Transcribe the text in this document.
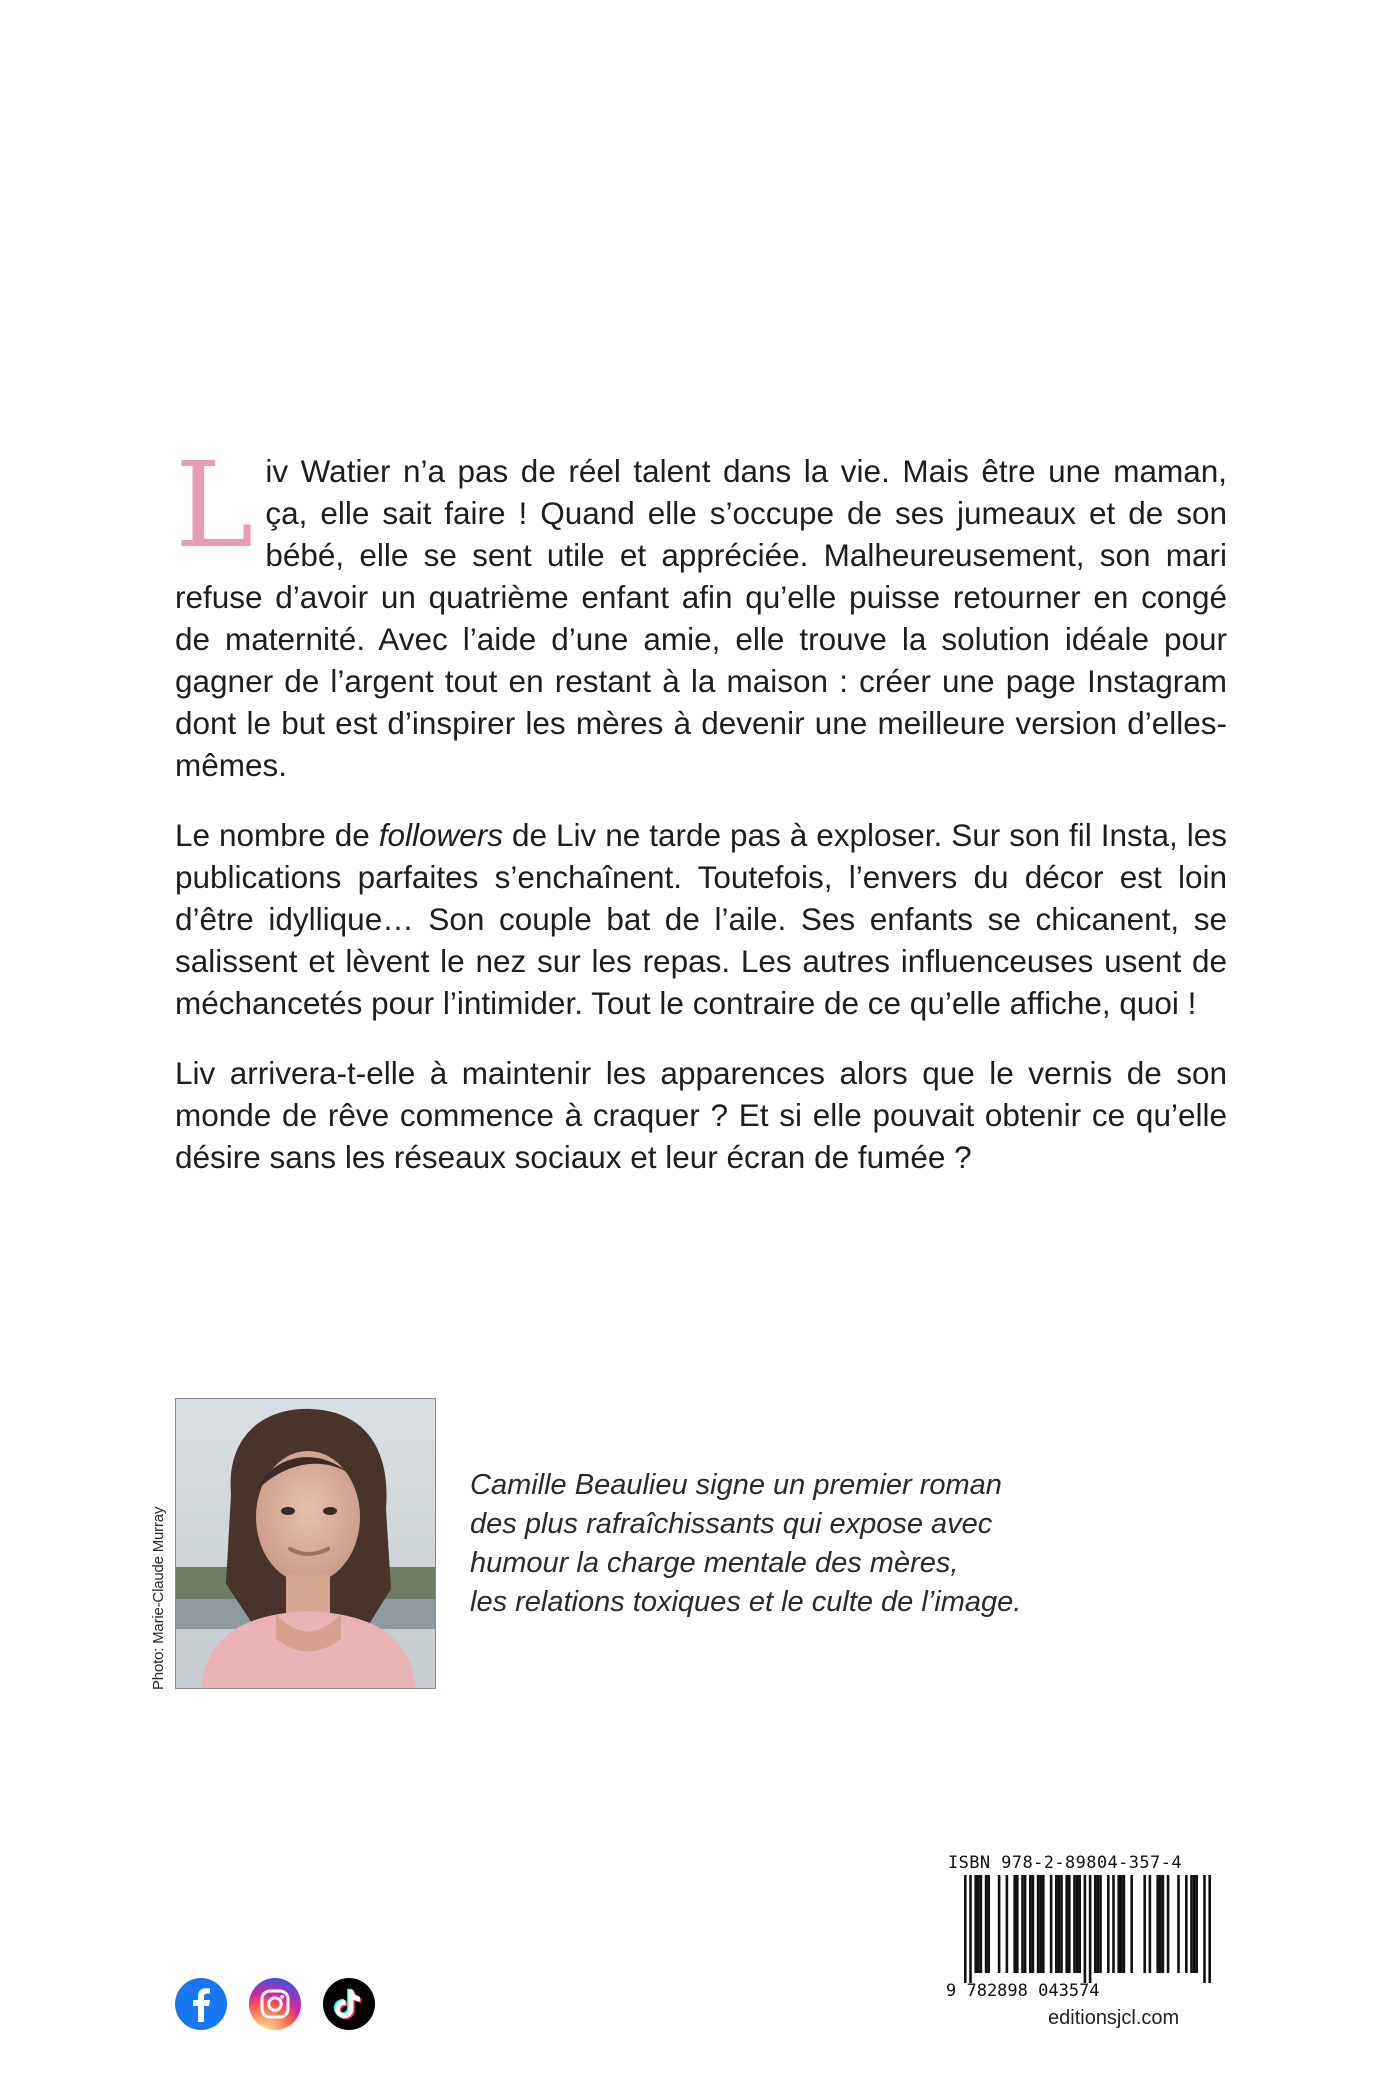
Liv Watier n’a pas de réel talent dans la vie. Mais être une maman, ça, elle sait faire ! Quand elle s’occupe de ses jumeaux et de son bébé, elle se sent utile et appréciée. Malheureusement, son mari refuse d’avoir un quatrième enfant afin qu’elle puisse retourner en congé de maternité. Avec l’aide d’une amie, elle trouve la solution idéale pour gagner de l’argent tout en restant à la maison : créer une page Instagram dont le but est d’inspirer les mères à devenir une meilleure version d’elles-mêmes.

Le nombre de followers de Liv ne tarde pas à exploser. Sur son fil Insta, les publications parfaites s’enchaînent. Toutefois, l’envers du décor est loin d’être idyllique… Son couple bat de l’aile. Ses enfants se chicanent, se salissent et lèvent le nez sur les repas. Les autres influenceuses usent de méchancetés pour l’intimider. Tout le contraire de ce qu’elle affiche, quoi !

Liv arrivera-t-elle à maintenir les apparences alors que le vernis de son monde de rêve commence à craquer ? Et si elle pouvait obtenir ce qu’elle désire sans les réseaux sociaux et leur écran de fumée ?

Photo: Marie-Claude Murray
Camille Beaulieu signe un premier roman
des plus rafraîchissants qui expose avec
humour la charge mentale des mères,
les relations toxiques et le culte de l’image.
ISBN 978-2-89804-357-4
9 782898 043574
editionsjcl.com
